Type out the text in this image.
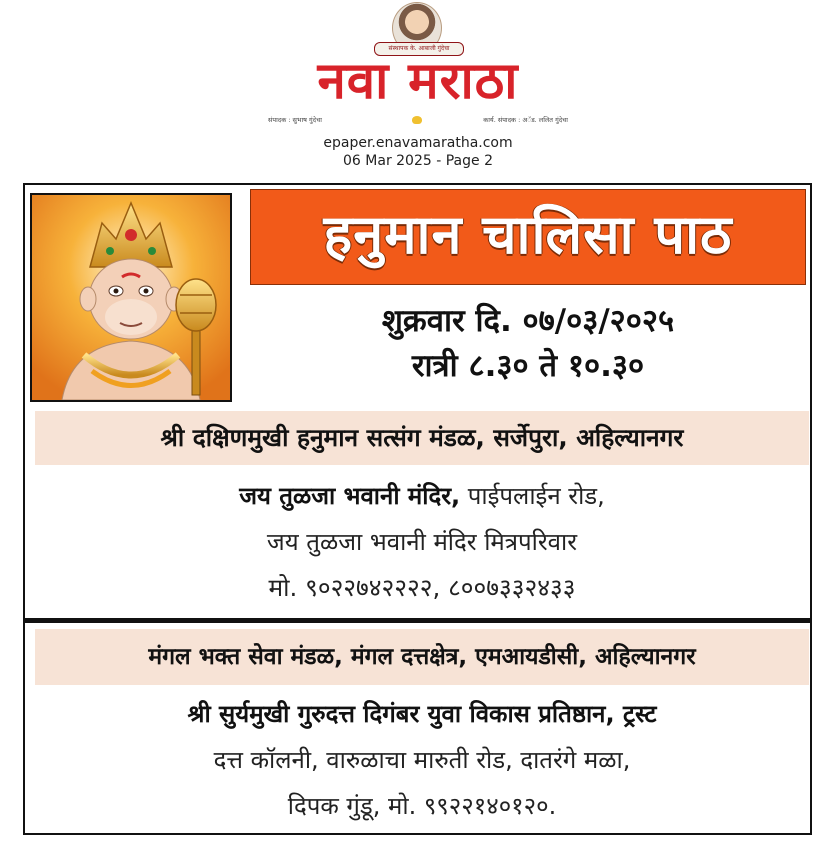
संस्थापक के. आबाजी गुंदेचा
नवा मराठा
संपादक : सुभाष गुंदेचा	कार्य. संपादक : अॅड. ललित गुंदेचा
epaper.enavamaratha.com
06 Mar 2025 - Page 2
हनुमान चालिसा पाठ
शुक्रवार दि. ०७/०३/२०२५
रात्री ८.३० ते १०.३०
श्री दक्षिणमुखी हनुमान सत्संग मंडळ, सर्जेपुरा, अहिल्यानगर
जय तुळजा भवानी मंदिर, पाईपलाईन रोड,
जय तुळजा भवानी मंदिर मित्रपरिवार
मो. ९०२२७४२२२२, ८००७३३२४३३
मंगल भक्त सेवा मंडळ, मंगल दत्तक्षेत्र, एमआयडीसी, अहिल्यानगर
श्री सुर्यमुखी गुरुदत्त दिगंबर युवा विकास प्रतिष्ठान, ट्रस्ट
दत्त कॉलनी, वारुळाचा मारुती रोड, दातरंगे मळा,
दिपक गुंडू, मो. ९९२२१४०१२०.
